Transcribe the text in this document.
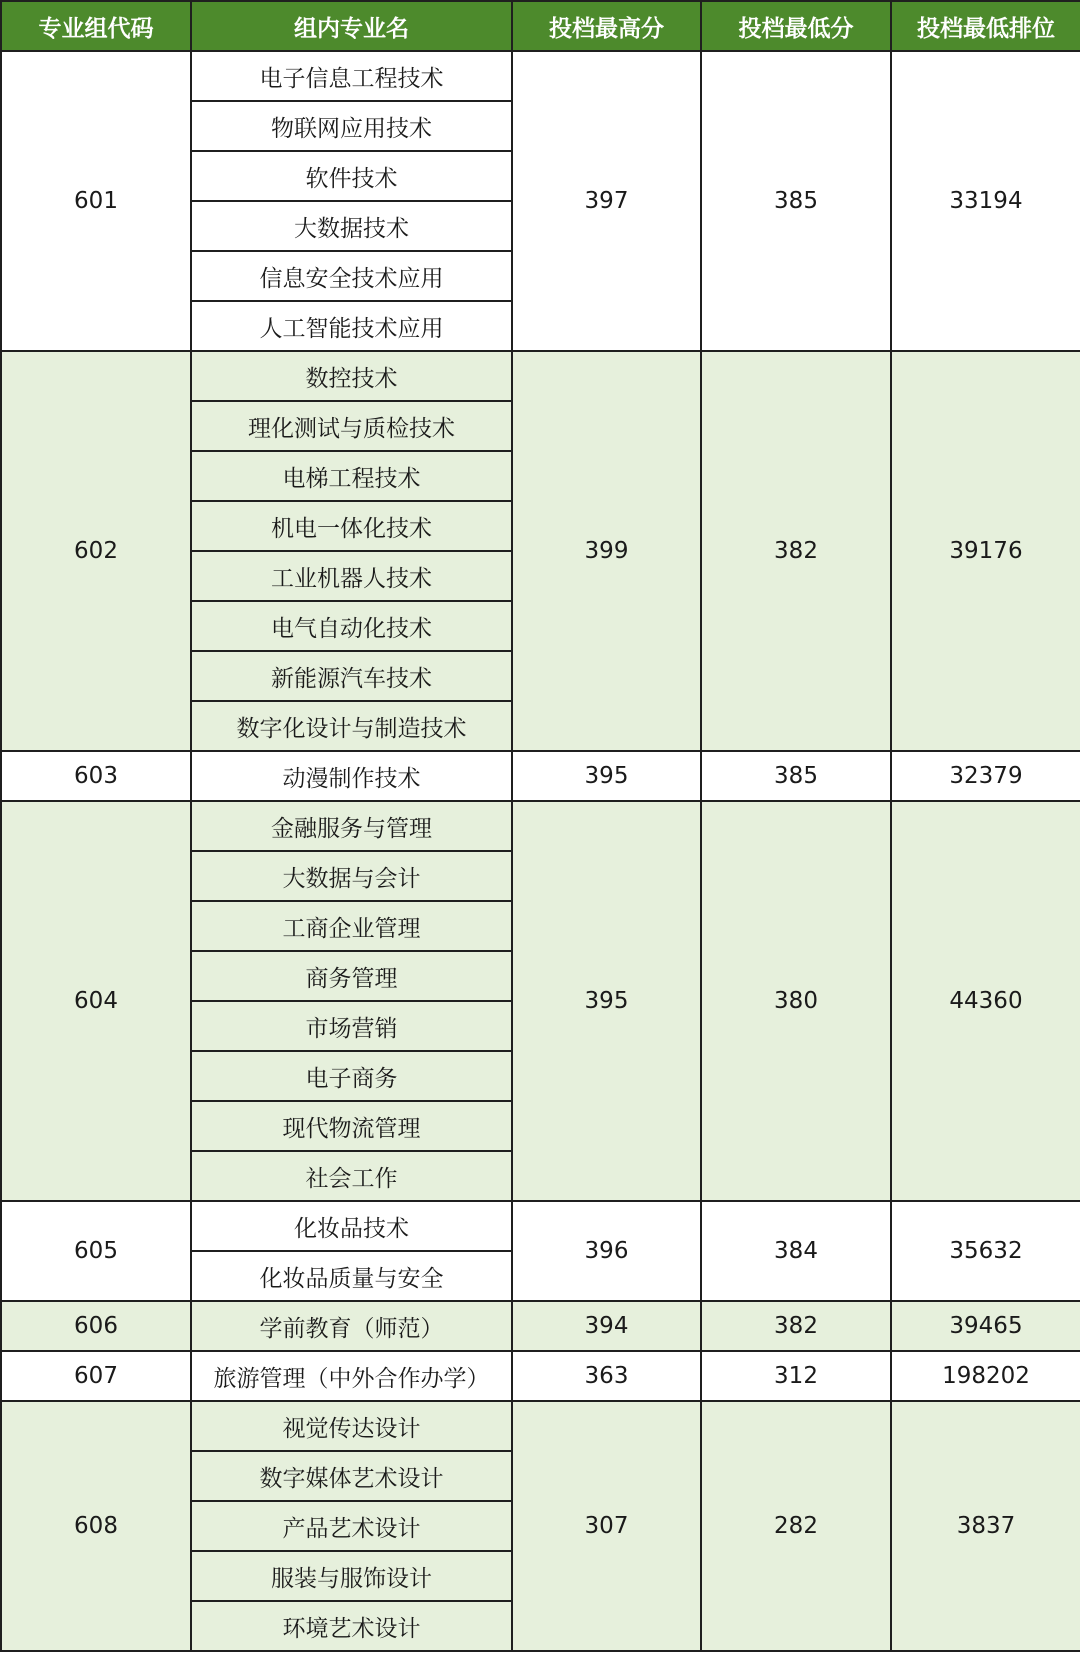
专业组代码	组内专业名	投档最高分	投档最低分	投档最低排位
601	电子信息工程技术	397	385	33194
	物联网应用技术			
	软件技术			
	大数据技术			
	信息安全技术应用			
	人工智能技术应用			
602	数控技术	399	382	39176
	理化测试与质检技术			
	电梯工程技术			
	机电一体化技术			
	工业机器人技术			
	电气自动化技术			
	新能源汽车技术			
	数字化设计与制造技术			
603	动漫制作技术	395	385	32379
604	金融服务与管理	395	380	44360
	大数据与会计			
	工商企业管理			
	商务管理			
	市场营销			
	电子商务			
	现代物流管理			
	社会工作			
605	化妆品技术	396	384	35632
	化妆品质量与安全			
606	学前教育（师范）	394	382	39465
607	旅游管理（中外合作办学）	363	312	198202
608	视觉传达设计	307	282	3837
	数字媒体艺术设计			
	产品艺术设计			
	服装与服饰设计			
	环境艺术设计			
